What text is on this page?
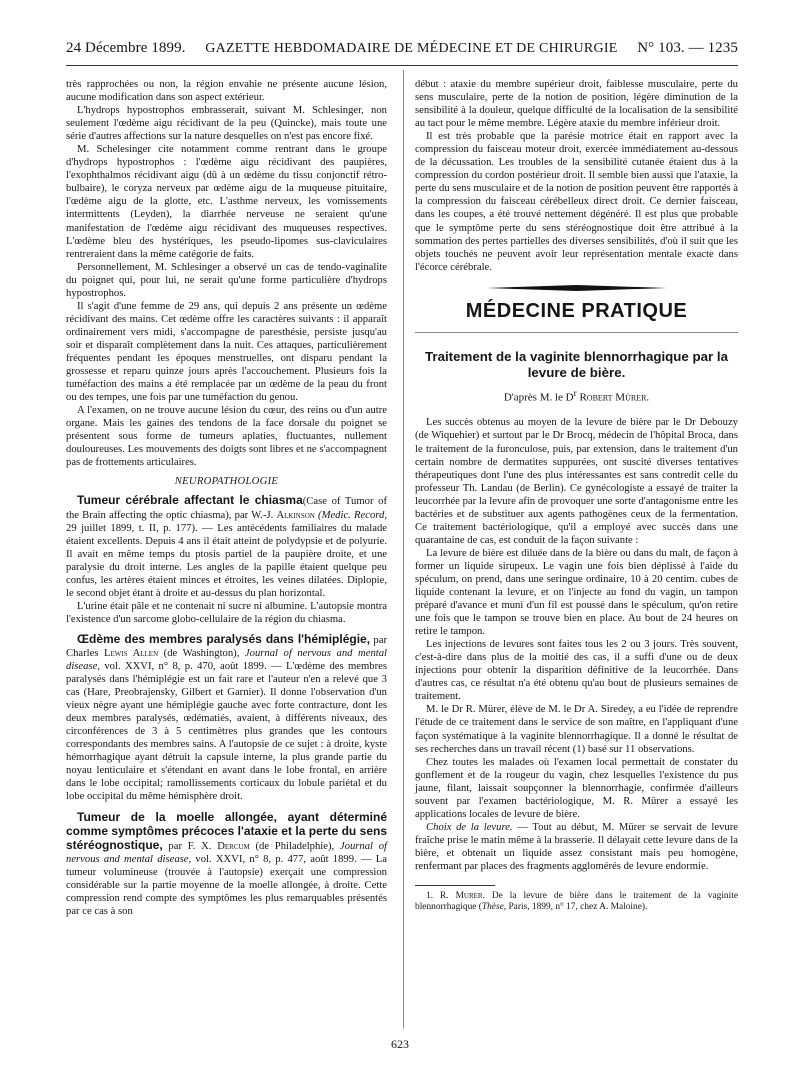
24 Décembre 1899. GAZETTE HEBDOMADAIRE DE MÉDECINE ET DE CHIRURGIE N° 103. — 1235

très rapprochées ou non, la région envahie ne présente aucune lésion, aucune modification dans son aspect extérieur.

L'hydrops hypostrophos embrasserait, suivant M. Schlesinger, non seulement l'œdème aigu récidivant de la peu (Quincke), mais toute une série d'autres affections sur la nature desquelles on n'est pas encore fixé.

M. Schelesinger cite notamment comme rentrant dans le groupe d'hydrops hypostrophos : l'œdème aigu récidivant des paupières, l'exophthalmos récidivant aigu (dû à un œdème du tissu conjonctif rétro-bulbaire), le coryza nerveux par œdème aigu de la muqueuse pituitaire, l'œdème aigu de la glotte, etc. L'asthme nerveux, les vomissements intermittents (Leyden), la diarrhée nerveuse ne seraient qu'une manifestation de l'œdème aigu récidivant des muqueuses respectives. L'œdème bleu des hystériques, les pseudo-lipomes sus-claviculaires rentreraient dans la même catégorie de faits.

Personnellement, M. Schlesinger a observé un cas de tendo-vaginalite du poignet qui, pour lui, ne serait qu'une forme particulière d'hydrops hypostrophos.

Il s'agit d'une femme de 29 ans, qui depuis 2 ans présente un œdème récidivant des mains. Cet œdème offre les caractères suivants : il apparaît ordinairement vers midi, s'accompagne de paresthésie, persiste jusqu'au soir et disparaît complètement dans la nuit. Ces attaques, particulièrement fréquentes pendant les époques menstruelles, ont disparu pendant la grossesse et reparu quinze jours après l'accouchement. Plusieurs fois la tuméfaction des mains a été remplacée par un œdème de la peau du front ou des tempes, une fois par une tuméfaction du genou.

A l'examen, on ne trouve aucune lésion du cœur, des reins ou d'un autre organe. Mais les gaines des tendons de la face dorsale du poignet se présentent sous forme de tumeurs aplaties, fluctuantes, nullement douloureuses. Les mouvements des doigts sont libres et ne s'accompagnent pas de frottements articulaires.

NEUROPATHOLOGIE

Tumeur cérébrale affectant le chiasma(Case of Tumor of the Brain affecting the optic chiasma), par W.-J. Alkinson (Medic. Record, 29 juillet 1899, t. II, p. 177). — Les antécédents familiaires du malade étaient excellents. Depuis 4 ans il était atteint de polydypsie et de polyurie. Il avait en même temps du ptosis partiel de la paupière droite, et une paralysie du droit interne. Les angles de la papille étaient quelque peu confus, les artères étaient minces et étroites, les veines dilatées. Diplopie, le second objet étant à droite et au-dessus du plan horizontal.

L'urine était pâle et ne contenait ni sucre ni albumine. L'autopsie montra l'existence d'un sarcome globo-cellulaire de la région du chiasma.

Œdème des membres paralysés dans l'hémiplégie, par Charles Lewis Allen (de Washington), Journal of nervous and mental disease, vol. XXVI, n° 8, p. 470, août 1899. — L'œdème des membres paralysés dans l'hémiplégie est un fait rare et l'auteur n'en a relevé que 3 cas (Hare, Preobrajensky, Gilbert et Garnier). Il donne l'observation d'un vieux nègre ayant une hémiplégie gauche avec forte contracture, dont les deux membres paralysés, œdématiés, avaient, à différents niveaux, des circonférences de 3 à 5 centimètres plus grandes que les contours correspondants des membres sains. A l'autopsie de ce sujet : à droite, kyste hémorrhagique ayant détruit la capsule interne, la plus grande partie du noyau lenticulaire et s'étendant en avant dans le lobe frontal, en arrière dans le lobe occipital; ramollissements corticaux du lobule pariétal et du lobe occipital du même hémisphère droit.

Tumeur de la moelle allongée, ayant déterminé comme symptômes précoces l'ataxie et la perte du sens stéréognostique, par F. X. Dercum (de Philadelphie), Journal of nervous and mental disease, vol. XXVI, n° 8, p. 477, août 1899. — La tumeur volumineuse (trouvée à l'autopsie) exerçait une compression considérable sur la partie moyenne de la moelle allongée, à droite. Cette compression rend compte des symptômes les plus remarquables présentés par ce cas à son

début : ataxie du membre supérieur droit, faiblesse musculaire, perte du sens musculaire, perte de la notion de position, légère diminution de la sensibilité à la douleur, quelque difficulté de la localisation de la sensibilité au tact pour le même membre. Légère ataxie du membre inférieur droit.

Il est très probable que la parésie motrice était en rapport avec la compression du faisceau moteur droit, exercée immédiatement au-dessous de la décussation. Les troubles de la sensibilité cutanée étaient dus à la compression du cordon postérieur droit. Il semble bien aussi que l'ataxie, la perte du sens musculaire et de la notion de position peuvent être rapportés à la compression du faisceau cérébelleux direct droit. Ce dernier faisceau, dans les coupes, a été trouvé nettement dégénéré. Il est plus que probable que le symptôme perte du sens stéréognostique doit être attribué à la sommation des pertes partielles des diverses sensibilités, d'où il suit que les objets touchés ne peuvent avoir leur représentation mentale exacte dans l'écorce cérébrale.

MÉDECINE PRATIQUE
Traitement de la vaginite blennorrhagique par la levure de bière.
D'après M. le $D^r$ Robert Mürer.

Les succès obtenus au moyen de la levure de bière par le Dr Debouzy (de Wiquehier) et surtout par le Dr Brocq, médecin de l'hôpital Broca, dans le traitement de la furonculose, puis, par extension, dans le traitement d'un certain nombre de dermatites suppurées, ont suscité diverses tentatives thérapeutiques dont l'une des plus intéressantes est sans contredit celle du professeur Th. Landau (de Berlin). Ce gynécologiste a essayé de traiter la leucorrhée par la levure afin de provoquer une sorte d'antagonisme entre les bactéries et de substituer aux agents pathogènes ceux de la fermentation. Ce traitement bactériologique, qu'il a employé avec succès dans une quarantaine de cas, est conduit de la façon suivante :

La levure de bière est diluée dans de la bière ou dans du malt, de façon à former un liquide sirupeux. Le vagin une fois bien déplissé à l'aide du spéculum, on prend, dans une seringue ordinaire, 10 à 20 centim. cubes de liquide contenant la levure, et on l'injecte au fond du vagin, un tampon préparé d'avance et muni d'un fil est poussé dans le spéculum, qu'on retire une fois que le tampon se trouve bien en place. Au bout de 24 heures on retire le tampon.

Les injections de levures sont faites tous les 2 ou 3 jours. Très souvent, c'est-à-dire dans plus de la moitié des cas, il a suffi d'une ou de deux injections pour obtenir la disparition définitive de la leucorrhée. Dans d'autres cas, ce résultat n'a été obtenu qu'au bout de plusieurs semaines de traitement.

M. le Dr R. Mürer, élève de M. le Dr A. Siredey, a eu l'idée de reprendre l'étude de ce traitement dans le service de son maître, en l'appliquant d'une façon systématique à la vaginite blennorrhagique. Il a donné le résultat de ses recherches dans un travail récent (1) basé sur 11 observations.

Chez toutes les malades où l'examen local permettait de constater du gonflement et de la rougeur du vagin, chez lesquelles l'existence du pus jaune, filant, laissait soupçonner la blennorrhagie, confirmée d'ailleurs souvent par l'examen bactériologique, M. R. Mürer a essayé les applications locales de levure de bière.

Choix de la levure. — Tout au début, M. Mürer se servait de levure fraîche prise le matin même à la brasserie. Il délayait cette levure dans de la bière, et obtenait un liquide assez consistant mais peu homogène, renfermant par places des fragments agglomérés de levure endormie.

1. R. Murer. De la levure de bière dans le traitement de la vaginite blennorrhagique (Thèse, Paris, 1899, n° 17, chez A. Maloine).

623
